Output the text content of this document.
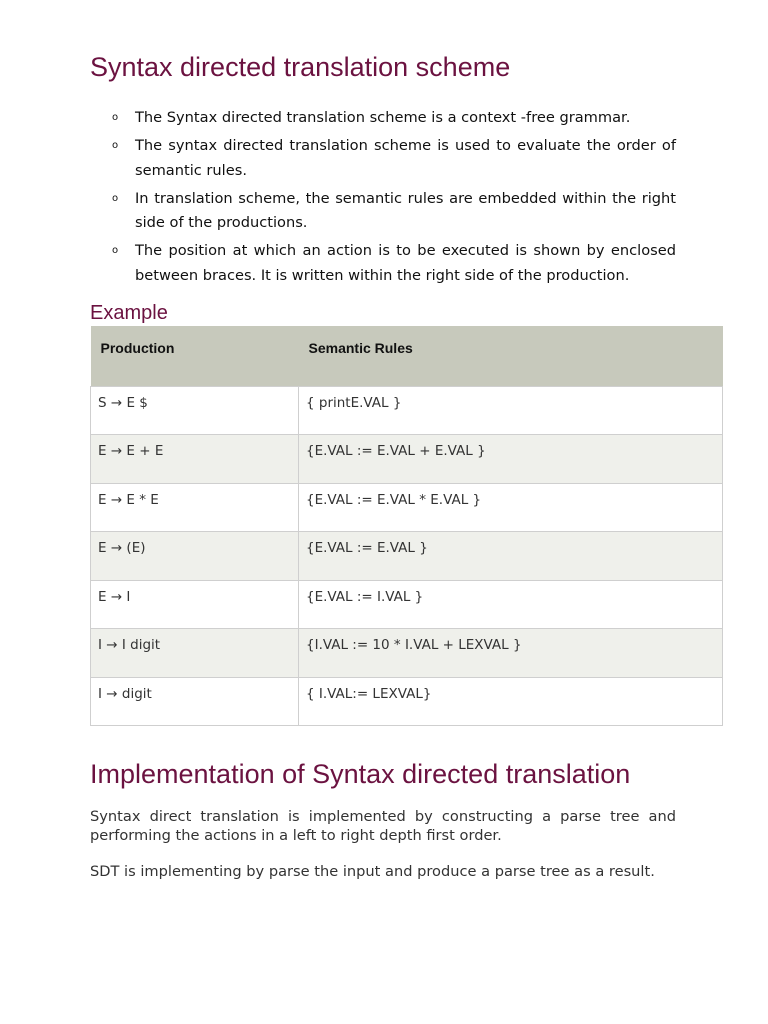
Syntax directed translation scheme
o The Syntax directed translation scheme is a context -free grammar.
o The syntax directed translation scheme is used to evaluate the order of semantic rules.
o In translation scheme, the semantic rules are embedded within the right side of the productions.
o The position at which an action is to be executed is shown by enclosed between braces. It is written within the right side of the production.
Example
Production	Semantic Rules
S → E $	{ printE.VAL }
E → E + E	{E.VAL := E.VAL + E.VAL }
E → E * E	{E.VAL := E.VAL * E.VAL }
E → (E)	{E.VAL := E.VAL }
E → I	{E.VAL := I.VAL }
I → I digit	{I.VAL := 10 * I.VAL + LEXVAL }
I → digit	{ I.VAL:= LEXVAL}
Implementation of Syntax directed translation

Syntax direct translation is implemented by constructing a parse tree and performing the actions in a left to right depth first order.

SDT is implementing by parse the input and produce a parse tree as a result.
